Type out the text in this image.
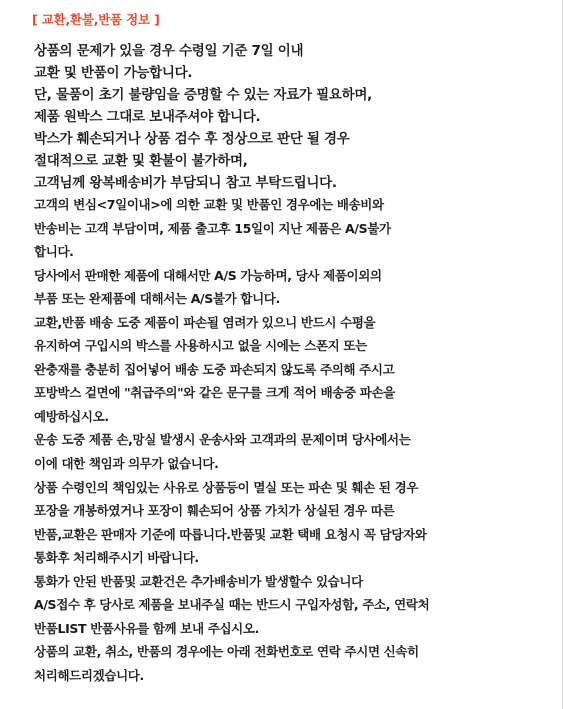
[ 교환,환불,반품 정보 ]
상품의 문제가 있을 경우 수령일 기준 7일 이내
교환 및 반품이 가능합니다.
단, 물품이 초기 불량임을 증명할 수 있는 자료가 필요하며,
제품 원박스 그대로 보내주셔야 합니다.
박스가 훼손되거나 상품 검수 후 정상으로 판단 될 경우
절대적으로 교환 및 환불이 불가하며,
고객님께 왕복배송비가 부담되니 참고 부탁드립니다.
고객의 변심<7일이내>에 의한 교환 및 반품인 경우에는 배송비와
반송비는 고객 부담이며, 제품 출고후 15일이 지난 제품은 A/S불가
합니다.
당사에서 판매한 제품에 대해서만 A/S 가능하며, 당사 제품이외의
부품 또는 완제품에 대해서는 A/S불가 합니다.
교환,반품 배송 도중 제품이 파손될 염려가 있으니 반드시 수평을
유지하여 구입시의 박스를 사용하시고 없을 시에는 스폰지 또는
완충재를 충분히 집어넣어 배송 도중 파손되지 않도록 주의해 주시고
포방박스 겉면에 "취급주의"와 같은 문구를 크게 적어 배송중 파손을
예방하십시오.
운송 도중 제품 손,망실 발생시 운송사와 고객과의 문제이며 당사에서는
이에 대한 책임과 의무가 없습니다.
상품 수령인의 책임있는 사유로 상품등이 멸실 또는 파손 및 훼손 된 경우
포장을 개봉하였거나 포장이 훼손되어 상품 가치가 상실된 경우 따른
반품,교환은 판매자 기준에 따릅니다.반품및 교환 택배 요청시 꼭 담당자와
통화후 처리해주시기 바랍니다.
통화가 안된 반품및 교환건은 추가배송비가 발생할수 있습니다
A/S접수 후 당사로 제품을 보내주실 때는 반드시 구입자성함, 주소, 연락처
반품LIST 반품사유를 함께 보내 주십시오.
상품의 교환, 취소, 반품의 경우에는 아래 전화번호로 연락 주시면 신속히
처리해드리겠습니다.
